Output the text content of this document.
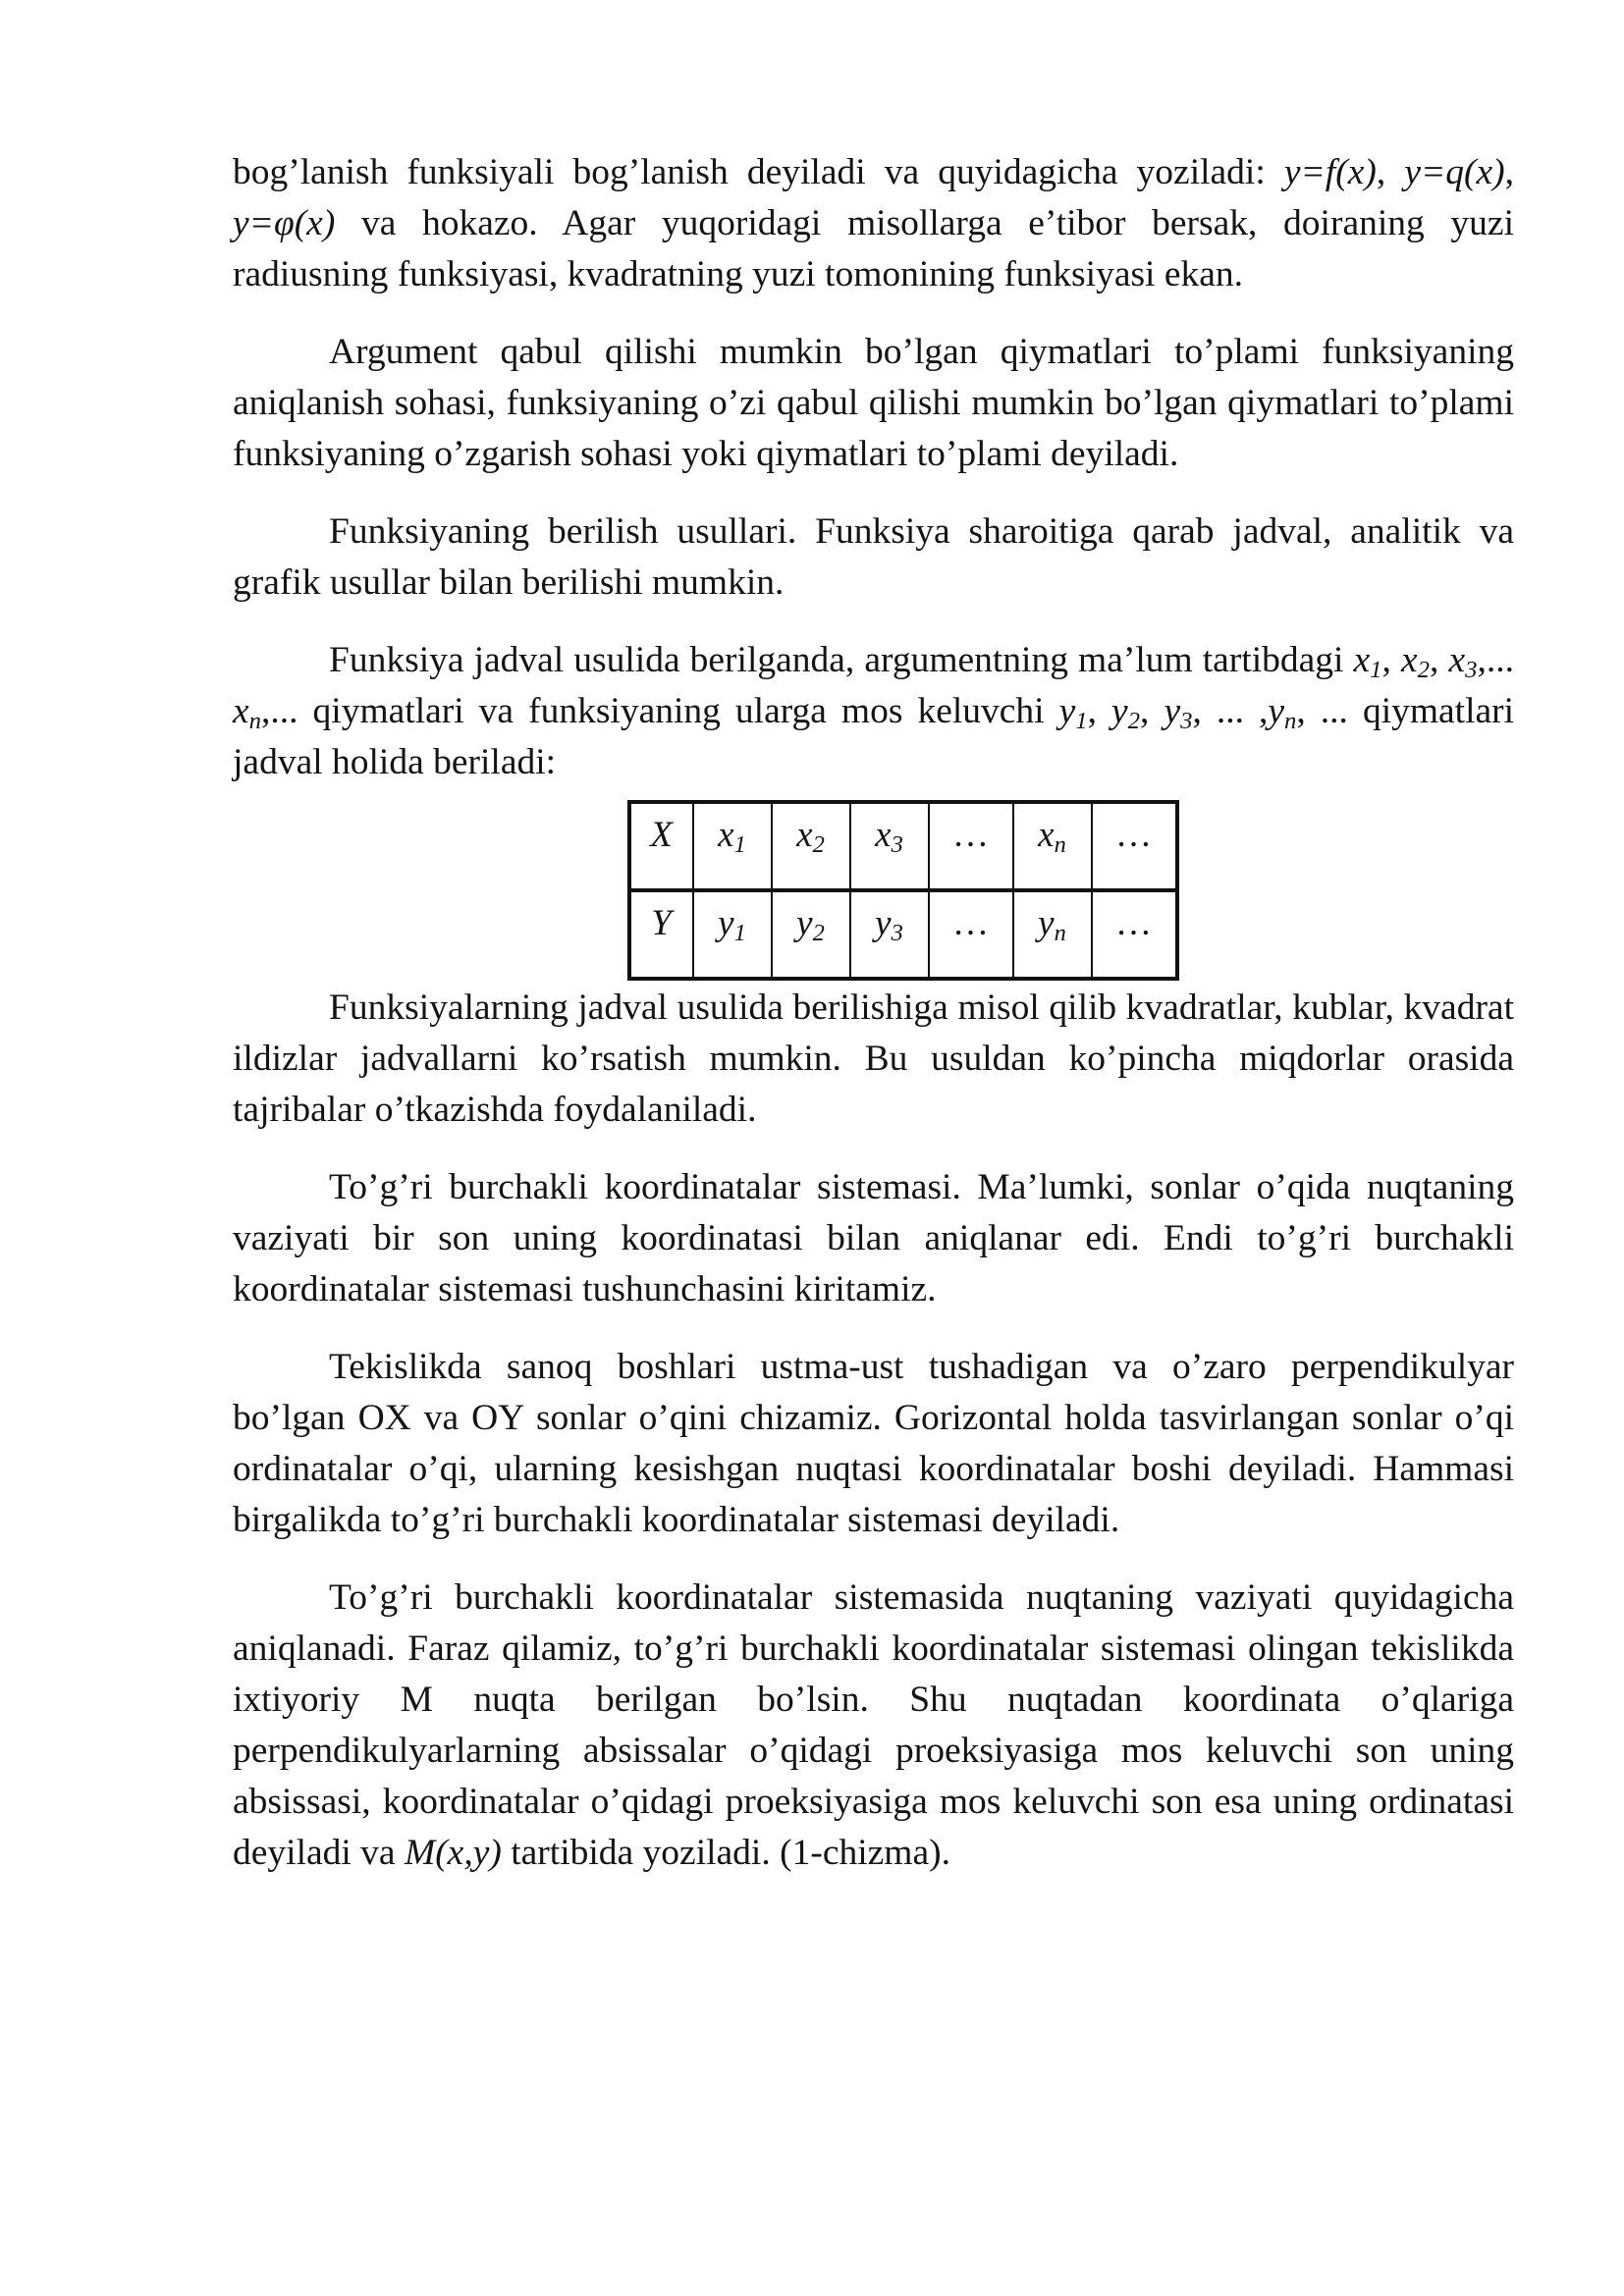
bog’lanish funksiyali bog’lanish deyiladi va quyidagicha yoziladi: y=f(x), y=q(x), y=φ(x) va hokazo. Agar yuqoridagi misollarga e’tibor bersak, doiraning yuzi radiusning funksiyasi, kvadratning yuzi tomonining funksiyasi ekan.

Argument qabul qilishi mumkin bo’lgan qiymatlari to’plami funksiyaning aniqlanish sohasi, funksiyaning o’zi qabul qilishi mumkin bo’lgan qiymatlari to’plami funksiyaning o’zgarish sohasi yoki qiymatlari to’plami deyiladi.

Funksiyaning berilish usullari. Funksiya sharoitiga qarab jadval, analitik va grafik usullar bilan berilishi mumkin.

Funksiya jadval usulida berilganda, argumentning ma’lum tartibdagi $x_1$, $x_2$, $x_3$,... $x_n$,... qiymatlari va funksiyaning ularga mos keluvchi $y_1$, $y_2$, $y_3$, ... $,y_n$, ... qiymatlari jadval holida beriladi:

X	$x_1$	$x_2$	$x_3$	…	$x_n$	…
Y	$y_1$	$y_2$	$y_3$	…	$y_n$	…

Funksiyalarning jadval usulida berilishiga misol qilib kvadratlar, kublar, kvadrat ildizlar jadvallarni ko’rsatish mumkin. Bu usuldan ko’pincha miqdorlar orasida tajribalar o’tkazishda foydalaniladi.

To’g’ri burchakli koordinatalar sistemasi. Ma’lumki, sonlar o’qida nuqtaning vaziyati bir son uning koordinatasi bilan aniqlanar edi. Endi to’g’ri burchakli koordinatalar sistemasi tushunchasini kiritamiz.

Tekislikda sanoq boshlari ustma-ust tushadigan va o’zaro perpendikulyar bo’lgan OX va OY sonlar o’qini chizamiz. Gorizontal holda tasvirlangan sonlar o’qi ordinatalar o’qi, ularning kesishgan nuqtasi koordinatalar boshi deyiladi. Hammasi birgalikda to’g’ri burchakli koordinatalar sistemasi deyiladi.

To’g’ri burchakli koordinatalar sistemasida nuqtaning vaziyati quyidagicha aniqlanadi. Faraz qilamiz, to’g’ri burchakli koordinatalar sistemasi olingan tekislikda ixtiyoriy M nuqta berilgan bo’lsin. Shu nuqtadan koordinata o’qlariga perpendikulyarlarning absissalar o’qidagi proeksiyasiga mos keluvchi son uning absissasi, koordinatalar o’qidagi proeksiyasiga mos keluvchi son esa uning ordinatasi deyiladi va M(x,y) tartibida yoziladi. (1-chizma).
